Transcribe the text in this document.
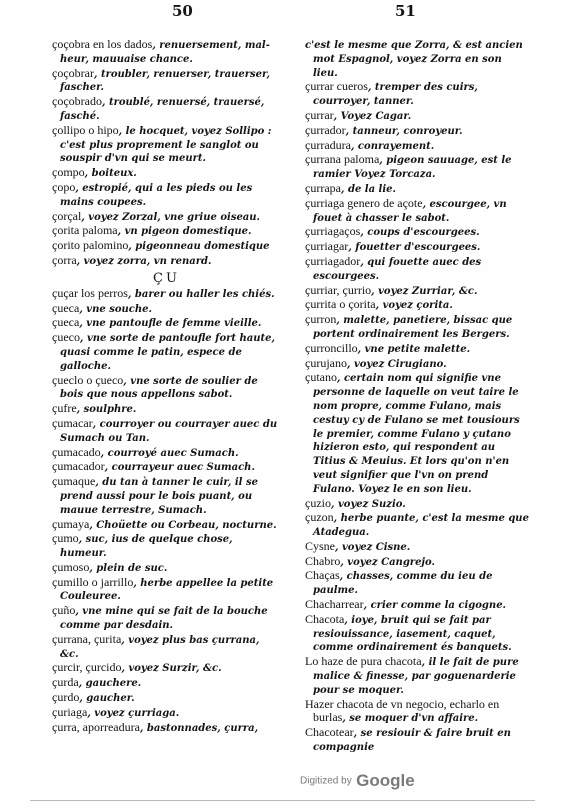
50	51

çoçobra en los dados, renuersement, mal-heur, mauuaise chance.

çoçobrar, troubler, renuerser, trauerser, fascher.

çoçobrado, troublé, renuersé, trauersé, fasché.

çollipo o hipo, le hocquet, voyez Sollipo : c'est plus proprement le sanglot ou souspir d'vn qui se meurt.

çompo, boiteux.

çopo, estropié, qui a les pieds ou les mains coupees.

çorçal, voyez Zorzal, vne griue oiseau.

çorita paloma, vn pigeon domestique.

çorito palomino, pigeonneau domestique

çorra, voyez zorra, vn renard.

ÇU

çuçar los perros, barer ou haller les chiés.

çueca, vne souche.

çueca, vne pantoufle de femme vieille.

çueco, vne sorte de pantoufle fort haute, quasi comme le patin, espece de galloche.

çueclo o çueco, vne sorte de soulier de bois que nous appellons sabot.

çufre, soulphre.

çumacar, courroyer ou courrayer auec du Sumach ou Tan.

çumacado, courroyé auec Sumach.

çumacador, courrayeur auec Sumach.

çumaque, du tan à tanner le cuir, il se prend aussi pour le bois puant, ou mauue terrestre, Sumach.

çumaya, Choüette ou Corbeau, nocturne.

çumo, suc, ius de quelque chose, humeur.

çumoso, plein de suc.

çumillo o jarrillo, herbe appellee la petite Couleuree.

çuño, vne mine qui se fait de la bouche comme par desdain.

çurrana, çurita, voyez plus bas çurrana, &c.

çurcir, çurcido, voyez Surzir, &c.

çurda, gauchere.

çurdo, gaucher.

çuriaga, voyez çurriaga.

çurra, aporreadura, bastonnades, çurra,

c'est le mesme que Zorra, & est ancien mot Espagnol, voyez Zorra en son lieu.

çurrar cueros, tremper des cuirs, courroyer, tanner.

çurrar, Voyez Cagar.

çurrador, tanneur, conroyeur.

çurradura, conrayement.

çurrana paloma, pigeon sauuage, est le ramier Voyez Torcaza.

çurrapa, de la lie.

çurriaga genero de açote, escourgee, vn fouet à chasser le sabot.

çurriagaços, coups d'escourgees.

çurriagar, fouetter d'escourgees.

çurriagador, qui fouette auec des escourgees.

çurriar, çurrio, voyez Zurriar, &c.

çurrita o çorita, voyez çorita.

çurron, malette, panetiere, bissac que portent ordinairement les Bergers.

çurroncillo, vne petite malette.

çurujano, voyez Cirugiano.

çutano, certain nom qui signifie vne personne de laquelle on veut taire le nom propre, comme Fulano, mais cestuy cy de Fulano se met tousiours le premier, comme Fulano y çutano hizieron esto, qui respondent au Titius & Meuius. Et lors qu'on n'en veut signifier que l'vn on prend Fulano. Voyez le en son lieu.

çuzio, voyez Suzio.

çuzon, herbe puante, c'est la mesme que Atadegua.

Cysne, voyez Cisne.

Chabro, voyez Cangrejo.

Chaças, chasses, comme du ieu de paulme.

Chacharrear, crier comme la cigogne.

Chacota, ioye, bruit qui se fait par resiouissance, iasement, caquet, comme ordinairement és banquets.

Lo haze de pura chacota, il le fait de pure malice & finesse, par goguenarderie pour se moquer.

Hazer chacota de vn negocio, echarlo en burlas, se moquer d'vn affaire.

Chacotear, se resiouir & faire bruit en compagnie

Digitized by Google
